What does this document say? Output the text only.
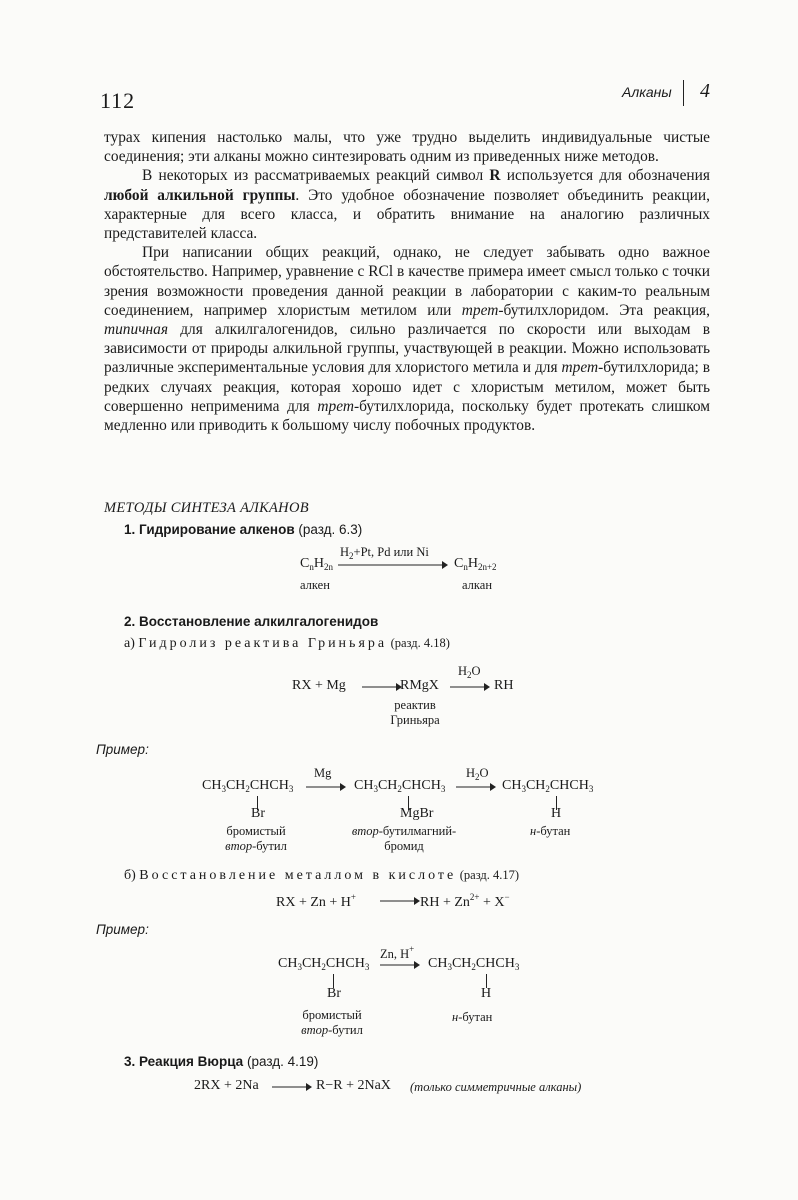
112	Алканы 4

турах кипения настолько малы, что уже трудно выделить индивидуальные чистые соединения; эти алканы можно синтезировать одним из приведенных ниже методов.

В некоторых из рассматриваемых реакций символ R используется для обозначения любой алкильной группы. Это удобное обозначение позволяет объединить реакции, характерные для всего класса, и обратить внимание на аналогию различных представителей класса.

При написании общих реакций, однако, не следует забывать одно важное обстоятельство. Например, уравнение с RCl в качестве примера имеет смысл только с точки зрения возможности проведения данной реакции в лаборатории с каким-то реальным соединением, например хлористым метилом или трет-бутилхлоридом. Эта реакция, типичная для алкилгалогенидов, сильно различается по скорости или выходам в зависимости от природы алкильной группы, участвующей в реакции. Можно использовать различные экспериментальные условия для хлористого метила и для трет-бутилхлорида; в редких случаях реакция, которая хорошо идет с хлористым метилом, может быть совершенно неприменима для трет-бутилхлорида, поскольку будет протекать слишком медленно или приводить к большому числу побочных продуктов.

МЕТОДЫ СИНТЕЗА АЛКАНОВ
1. Гидрирование алкенов (разд. 6.3)
$C_nH_{2n}$
$H_2+Pt$, Pd или Ni
$C_nH_{2n+2}$
алкен	алкан
2. Восстановление алкилгалогенидов
а) Гидролиз реактива Гриньяра (разд. 4.18)
RX + Mg	RMgX
$H_2O$
RH
реактив
Гриньяра
Пример:
$CH_3CH_2CHCH_3$
Br
Mg
$CH_3CH_2CHCH_3$
MgBr
$H_2O$
$CH_3CH_2CHCH_3$
H
бромистый
втор-бутил
втор-бутилмагний-
бромид
н-бутан
б) Восстановление металлом в кислоте (разд. 4.17)
RX + Zn + H+	RH + $Zn^{2+} + X^-$
Пример:
$CH_3CH_2CHCH_3$
Br
Zn, H+
$CH_3CH_2CHCH_3$
H
бромистый
втор-бутил
н-бутан
3. Реакция Вюрца (разд. 4.19)
2RX + 2Na	R−R + 2NaX (только симметричные алканы)
